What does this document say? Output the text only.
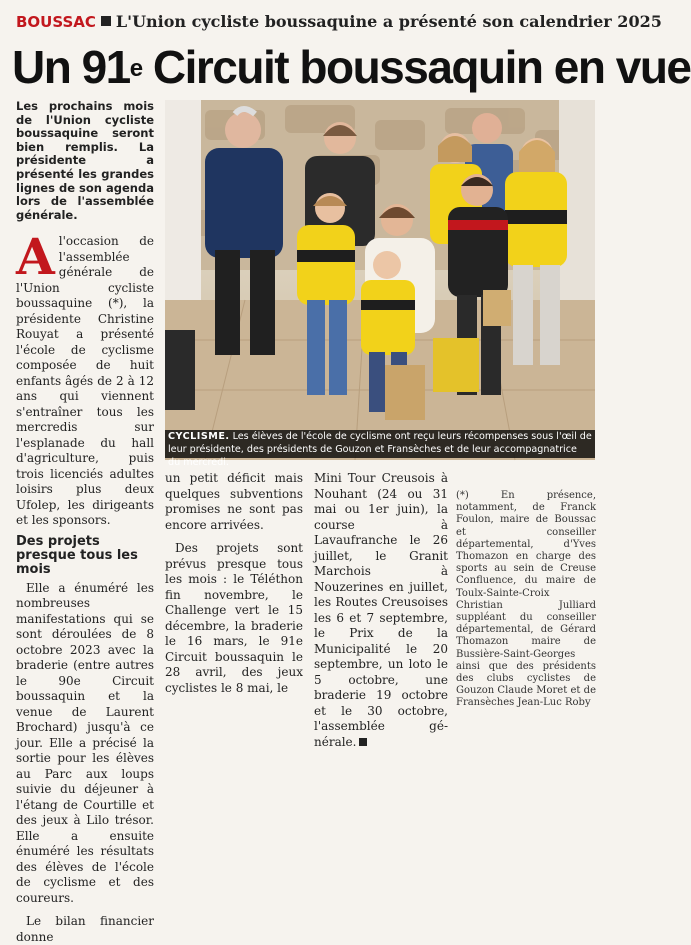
BOUSSAC L'Union cycliste boussaquine a présenté son calendrier 2025
Un 91e Circuit boussaquin en vue

Les prochains mois de l'Union cycliste boussaquine seront bien remplis. La présidente a présenté les grandes lignes de son agenda lors de l'assemblée générale.

Al'occasion de l'assemblée générale de l'Union cycliste boussaquine (*), la présidente Christine Rouyat a présenté l'école de cyclisme composée de huit enfants âgés de 2 à 12 ans qui viennent s'entraîner tous les mercredis sur l'esplanade du hall d'agriculture, puis trois licenciés adultes loisirs plus deux Ufolep, les dirigeants et les sponsors.

Des projets presque tous les mois

Elle a énuméré les nombreuses manifestations qui se sont déroulées de 8 octobre 2023 avec la braderie (entre autres le 90e Circuit boussaquin et la venue de Laurent Brochard) jusqu'à ce jour. Elle a précisé la sortie pour les élèves au Parc aux loups suivie du déjeuner à l'étang de Courtille et des jeux à Lilo trésor. Elle a ensuite énuméré les résultats des élèves de l'école de cyclisme et des coureurs.

Le bilan financier donne

CYCLISME. Les élèves de l'école de cyclisme ont reçu leurs récompenses sous l'œil de leur présidente, des présidents de Gouzon et Fransèches et de leur accompagnatrice du mercredi.

un petit déficit mais quelques subventions promises ne sont pas encore arrivées.

Des projets sont prévus presque tous les mois : le Téléthon fin novembre, le Challenge vert le 15 décembre, la braderie le 16 mars, le 91e Circuit boussaquin le 28 avril, des jeux cyclistes le 8 mai, le

Mini Tour Creusois à Nouhant (24 ou 31 mai ou 1er juin), la course à Lavaufranche le 26 juillet, le Granit Marchois à Nouzerines en juillet, les Routes Creusoises les 6 et 7 septembre, le Prix de la Municipalité le 20 septembre, un loto le 5 octobre, une braderie 19 octobre et le 30 octobre, l'assemblée gé- nérale.

(*) En présence, notamment, de Franck Foulon, maire de Boussac et conseiller départemental, d'Yves Thomazon en charge des sports au sein de Creuse Confluence, du maire de Toulx-Sainte-Croix Christian Julliard suppléant du conseiller départemental, de Gérard Thomazon maire de Bussière-Saint-Georges ainsi que des présidents des clubs cyclistes de Gouzon Claude Moret et de Fransèches Jean-Luc Roby
